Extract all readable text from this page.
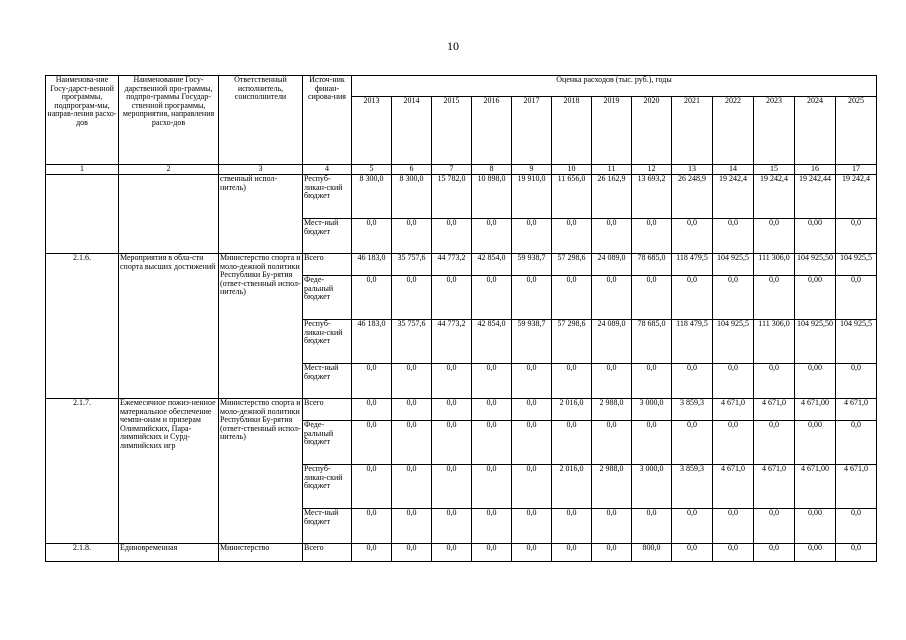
10
Наименова-ние Госу-дарст-венной программы, подпрограм-мы, направ-ления расхо-дов	Наименование Госу-дарственной про-граммы, подпро-граммы Государ-ственной программы, мероприятия, направления расхо-дов	Ответственный исполнитель, соисполнители	Источ-ник финан-сирова-ния	Оценка расходов (тыс. руб.), годы												
				2013	2014	2015	2016	2017	2018	2019	2020	2021	2022	2023	2024	2025
1	2	3	4	5	6	7	8	9	10	11	12	13	14	15	16	17
		ственный испол-нитель)	Респуб-ликан-ский бюджет	8 300,0	8 300,0	15 782,0	10 898,0	19 910,0	11 656,0	26 162,9	13 693,2	26 248,9	19 242,4	19 242,4	19 242,44	19 242,4
			Мест-ный бюджет	0,0	0,0	0,0	0,0	0,0	0,0	0,0	0,0	0,0	0,0	0,0	0,00	0,0
2.1.6.	Мероприятия в обла-сти спорта высших достижений	Министерство спорта и моло-дежной политики Республики Бу-рятия (ответ-ственный испол-нитель)	Всего	46 183,0	35 757,6	44 773,2	42 854,0	59 938,7	57 298,6	24 089,0	78 685,0	118 479,5	104 925,5	111 306,0	104 925,50	104 925,5
			Феде-ральный бюджет	0,0	0,0	0,0	0,0	0,0	0,0	0,0	0,0	0,0	0,0	0,0	0,00	0,0
			Респуб-ликан-ский бюджет	46 183,0	35 757,6	44 773,2	42 854,0	59 938,7	57 298,6	24 089,0	78 685,0	118 479,5	104 925,5	111 306,0	104 925,50	104 925,5
			Мест-ный бюджет	0,0	0,0	0,0	0,0	0,0	0,0	0,0	0,0	0,0	0,0	0,0	0,00	0,0
2.1.7.	Ежемесячное пожиз-ненное материальное обеспечение чемпи-онам и призерам Олимпийских, Пара-лимпийских и Сурд-лимпийских игр	Министерство спорта и моло-дежной политики Республики Бу-рятия (ответ-ственный испол-нитель)	Всего	0,0	0,0	0,0	0,0	0,0	2 016,0	2 988,0	3 000,0	3 859,3	4 671,0	4 671,0	4 671,00	4 671,0
			Феде-ральный бюджет	0,0	0,0	0,0	0,0	0,0	0,0	0,0	0,0	0,0	0,0	0,0	0,00	0,0
			Респуб-ликан-ский бюджет	0,0	0,0	0,0	0,0	0,0	2 016,0	2 988,0	3 000,0	3 859,3	4 671,0	4 671,0	4 671,00	4 671,0
			Мест-ный бюджет	0,0	0,0	0,0	0,0	0,0	0,0	0,0	0,0	0,0	0,0	0,0	0,00	0,0
2.1.8.	Единовременная	Министерство	Всего	0,0	0,0	0,0	0,0	0,0	0,0	0,0	800,0	0,0	0,0	0,0	0,00	0,0
